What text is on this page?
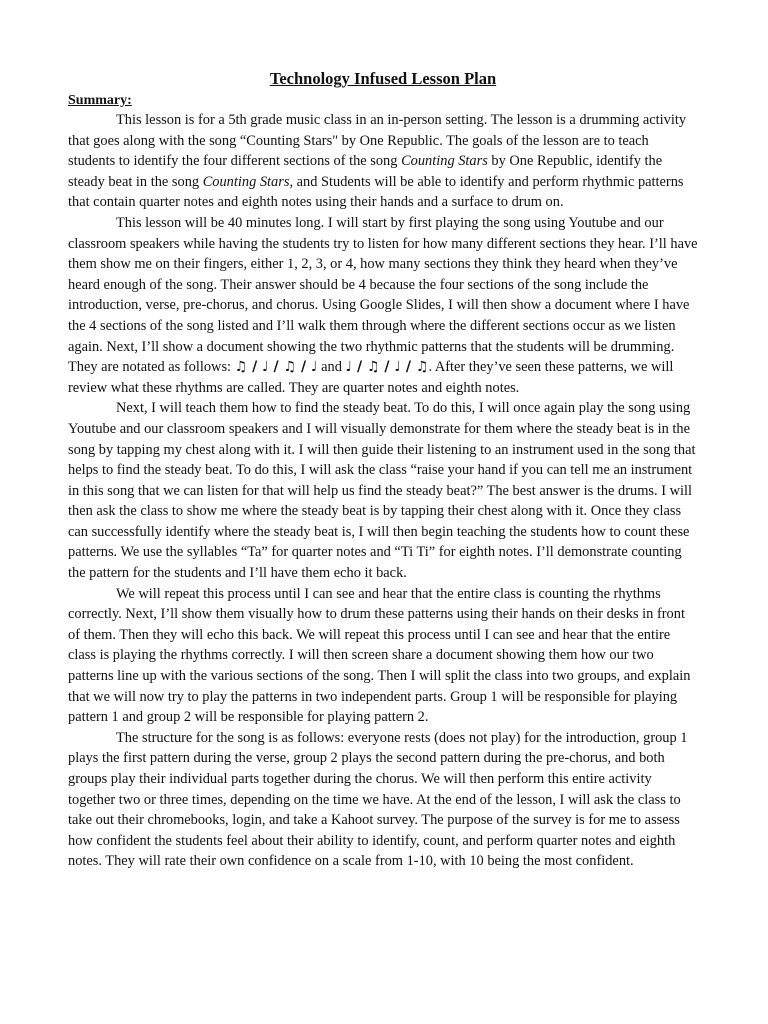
Technology Infused Lesson Plan
Summary:

This lesson is for a 5th grade music class in an in-person setting. The lesson is a drumming activity that goes along with the song “Counting Stars" by One Republic. The goals of the lesson are to teach students to identify the four different sections of the song Counting Stars by One Republic, identify the steady beat in the song Counting Stars, and Students will be able to identify and perform rhythmic patterns that contain quarter notes and eighth notes using their hands and a surface to drum on.

This lesson will be 40 minutes long. I will start by first playing the song using Youtube and our classroom speakers while having the students try to listen for how many different sections they hear. I’ll have them show me on their fingers, either 1, 2, 3, or 4, how many sections they think they heard when they’ve heard enough of the song. Their answer should be 4 because the four sections of the song include the introduction, verse, pre-chorus, and chorus. Using Google Slides, I will then show a document where I have the 4 sections of the song listed and I’ll walk them through where the different sections occur as we listen again. Next, I’ll show a document showing the two rhythmic patterns that the students will be drumming. They are notated as follows: ♫ / ♩ / ♫ / ♩ and ♩ / ♫ / ♩ / ♫. After they’ve seen these patterns, we will review what these rhythms are called. They are quarter notes and eighth notes.

Next, I will teach them how to find the steady beat. To do this, I will once again play the song using Youtube and our classroom speakers and I will visually demonstrate for them where the steady beat is in the song by tapping my chest along with it. I will then guide their listening to an instrument used in the song that helps to find the steady beat. To do this, I will ask the class “raise your hand if you can tell me an instrument in this song that we can listen for that will help us find the steady beat?” The best answer is the drums. I will then ask the class to show me where the steady beat is by tapping their chest along with it. Once they class can successfully identify where the steady beat is, I will then begin teaching the students how to count these patterns. We use the syllables “Ta” for quarter notes and “Ti Ti” for eighth notes. I’ll demonstrate counting the pattern for the students and I’ll have them echo it back.

We will repeat this process until I can see and hear that the entire class is counting the rhythms correctly. Next, I’ll show them visually how to drum these patterns using their hands on their desks in front of them. Then they will echo this back. We will repeat this process until I can see and hear that the entire class is playing the rhythms correctly. I will then screen share a document showing them how our two patterns line up with the various sections of the song. Then I will split the class into two groups, and explain that we will now try to play the patterns in two independent parts. Group 1 will be responsible for playing pattern 1 and group 2 will be responsible for playing pattern 2.

The structure for the song is as follows: everyone rests (does not play) for the introduction, group 1 plays the first pattern during the verse, group 2 plays the second pattern during the pre-chorus, and both groups play their individual parts together during the chorus. We will then perform this entire activity together two or three times, depending on the time we have. At the end of the lesson, I will ask the class to take out their chromebooks, login, and take a Kahoot survey. The purpose of the survey is for me to assess how confident the students feel about their ability to identify, count, and perform quarter notes and eighth notes. They will rate their own confidence on a scale from 1-10, with 10 being the most confident.
